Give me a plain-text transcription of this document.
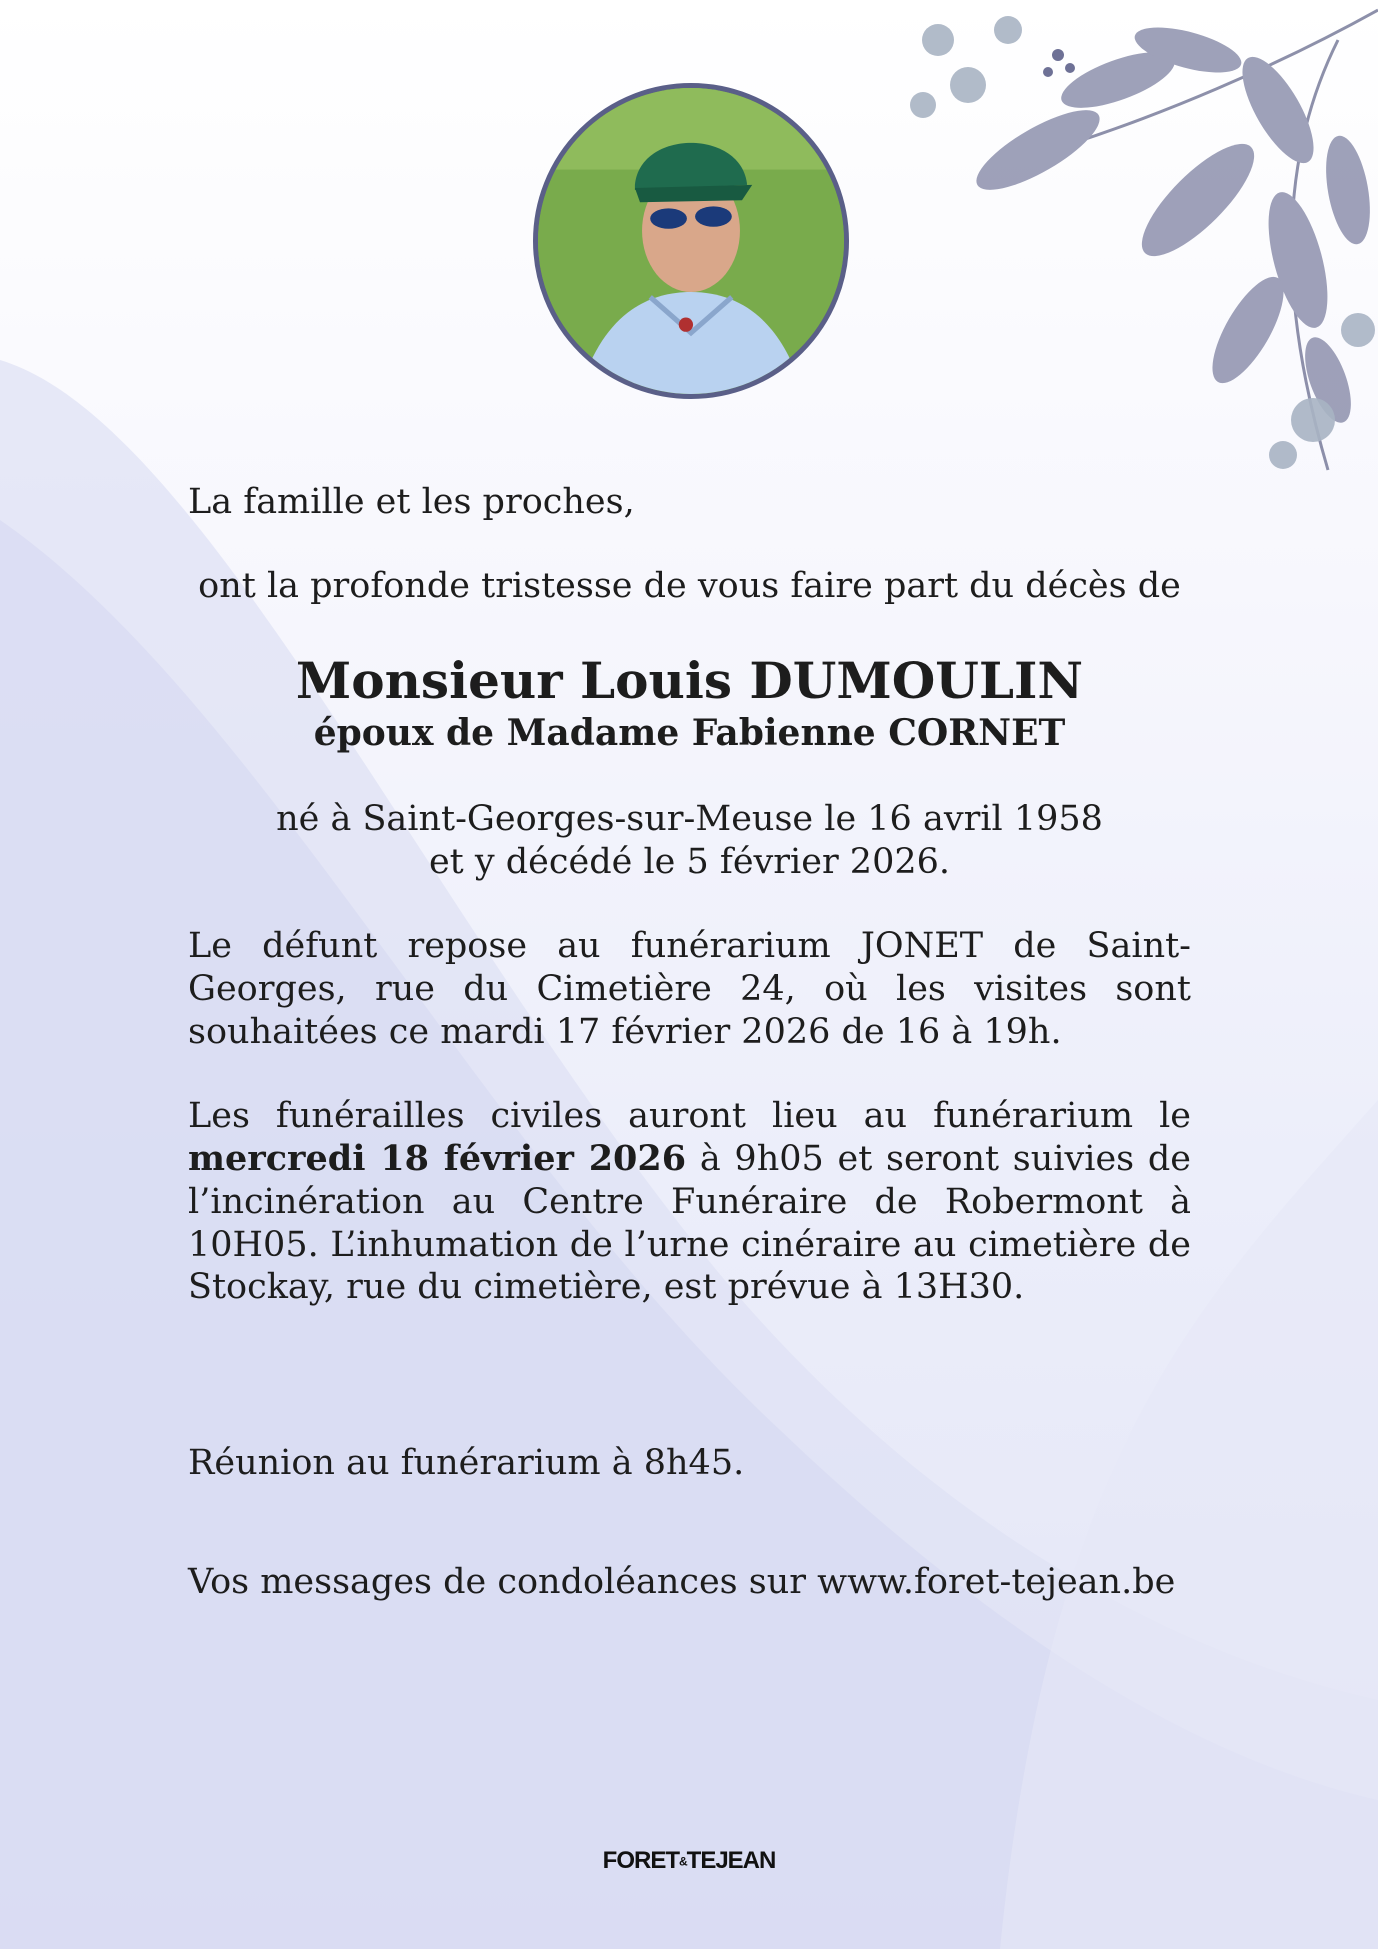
La famille et les proches,

ont la profonde tristesse de vous faire part du décès de

Monsieur Louis DUMOULIN

époux de Madame Fabienne CORNET

né à Saint-Georges-sur-Meuse le 16 avril 1958
et y décédé le 5 février 2026.

Le défunt repose au funérarium JONET de Saint-Georges, rue du Cimetière 24, où les visites sont souhaitées ce mardi 17 février 2026 de 16 à 19h.

Les funérailles civiles auront lieu au funérarium le mercredi 18 février 2026 à 9h05 et seront suivies de l’incinération au Centre Funéraire de Robermont à 10H05. L’inhumation de l’urne cinéraire au cimetière de Stockay, rue du cimetière, est prévue à 13H30.

Réunion au funérarium à 8h45.

Vos messages de condoléances sur www.foret-tejean.be

FORET&TEJEAN
